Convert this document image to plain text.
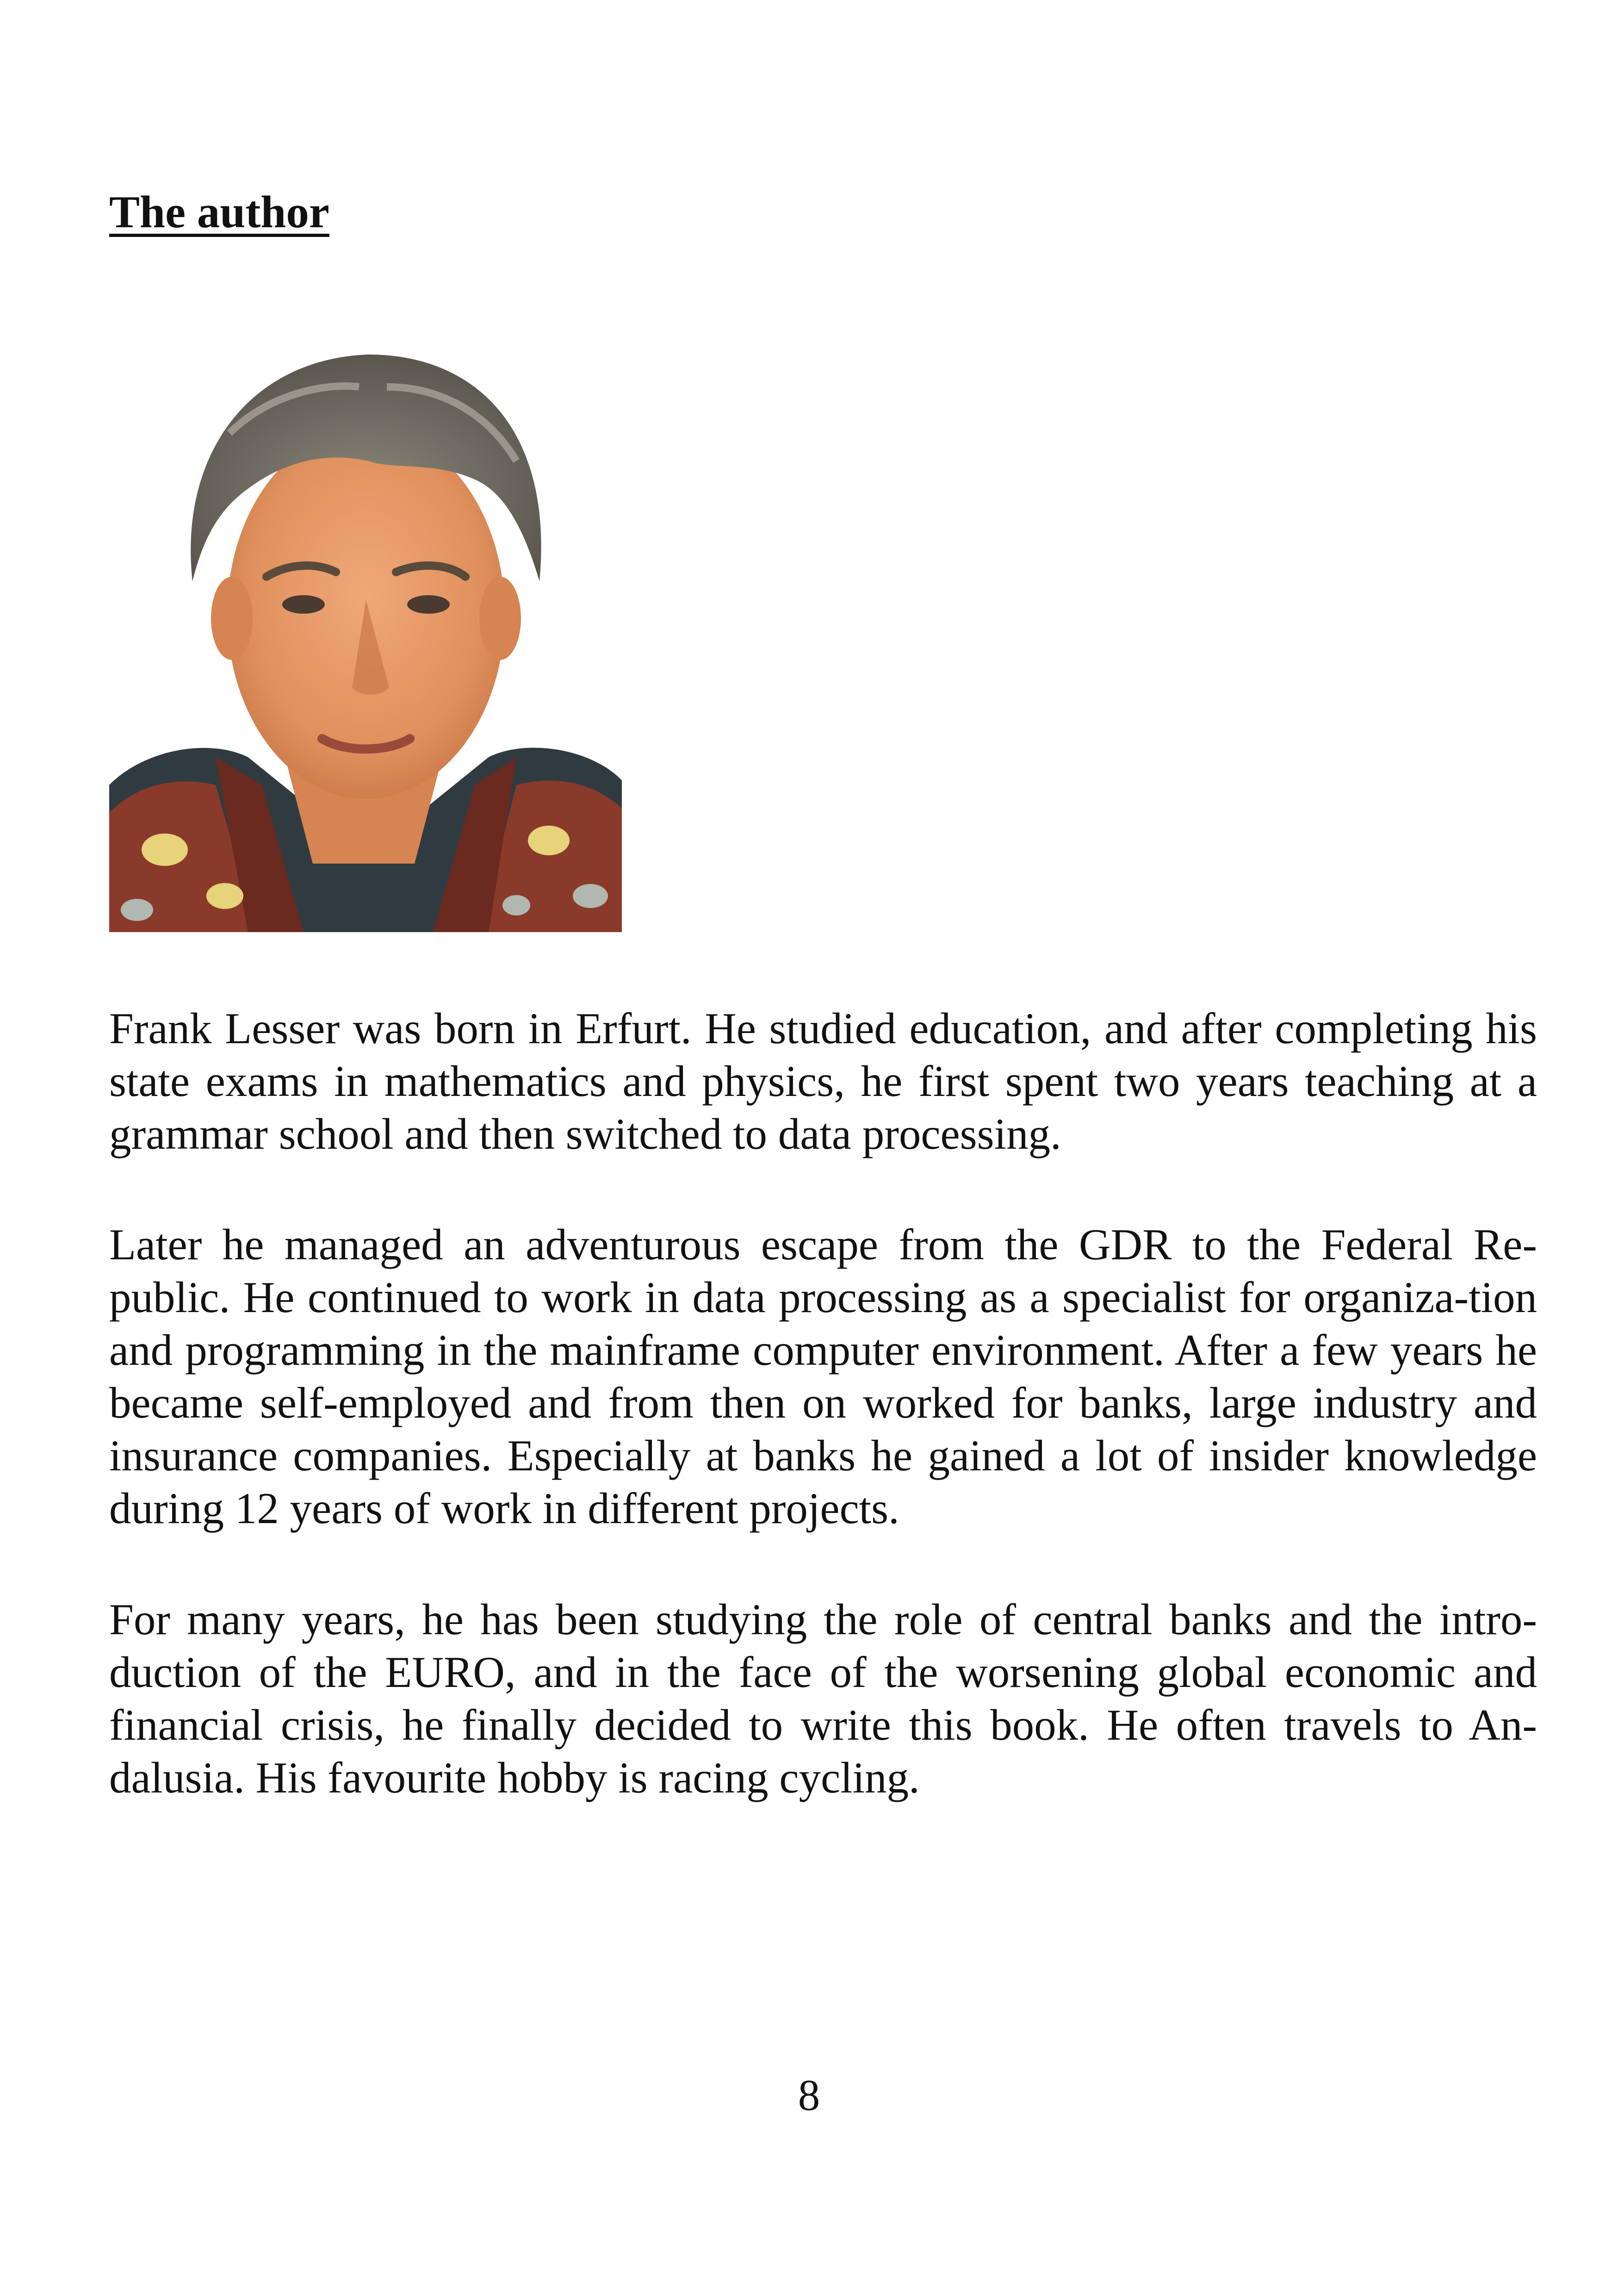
The author

Frank Lesser was born in Erfurt. He studied education, and after completing his state exams in mathematics and physics, he first spent two years teaching at a grammar school and then switched to data processing.

Later he managed an adventurous escape from the GDR to the Federal Re-public. He continued to work in data processing as a specialist for organiza-tion and programming in the mainframe computer environment. After a few years he became self-employed and from then on worked for banks, large industry and insurance companies. Especially at banks he gained a lot of insider knowledge during 12 years of work in different projects.

For many years, he has been studying the role of central banks and the intro-duction of the EURO, and in the face of the worsening global economic and financial crisis, he finally decided to write this book. He often travels to An-dalusia. His favourite hobby is racing cycling.

8
